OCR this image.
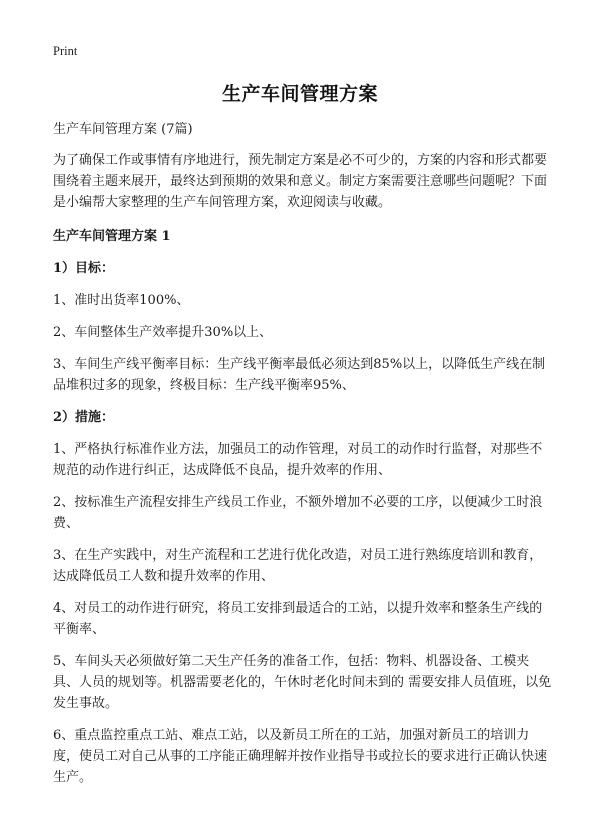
Print
生产车间管理方案

生产车间管理方案 (7篇)

为了确保工作或事情有序地进行，预先制定方案是必不可少的，方案的内容和形式都要围绕着主题来展开，最终达到预期的效果和意义。制定方案需要注意哪些问题呢？下面是小编帮大家整理的生产车间管理方案，欢迎阅读与收藏。

生产车间管理方案 1

1）目标：

1、准时出货率100%、

2、车间整体生产效率提升30%以上、

3、车间生产线平衡率目标：生产线平衡率最低必须达到85%以上，以降低生产线在制品堆积过多的现象，终极目标：生产线平衡率95%、

2）措施：

1、严格执行标准作业方法，加强员工的动作管理，对员工的动作时行监督，对那些不规范的动作进行纠正，达成降低不良品，提升效率的作用、

2、按标准生产流程安排生产线员工作业，不额外增加不必要的工序，以便减少工时浪费、

3、在生产实践中，对生产流程和工艺进行优化改造，对员工进行熟练度培训和教育，达成降低员工人数和提升效率的作用、

4、对员工的动作进行研究，将员工安排到最适合的工站，以提升效率和整条生产线的平衡率、

5、车间头天必须做好第二天生产任务的准备工作，包括：物料、机器设备、工模夹具、人员的规划等。机器需要老化的，午休时老化时间未到的 需要安排人员值班，以免发生事故。

6、重点监控重点工站、难点工站，以及新员工所在的工站，加强对新员工的培训力度，使员工对自己从事的工序能正确理解并按作业指导书或拉长的要求进行正确认快速生产。
